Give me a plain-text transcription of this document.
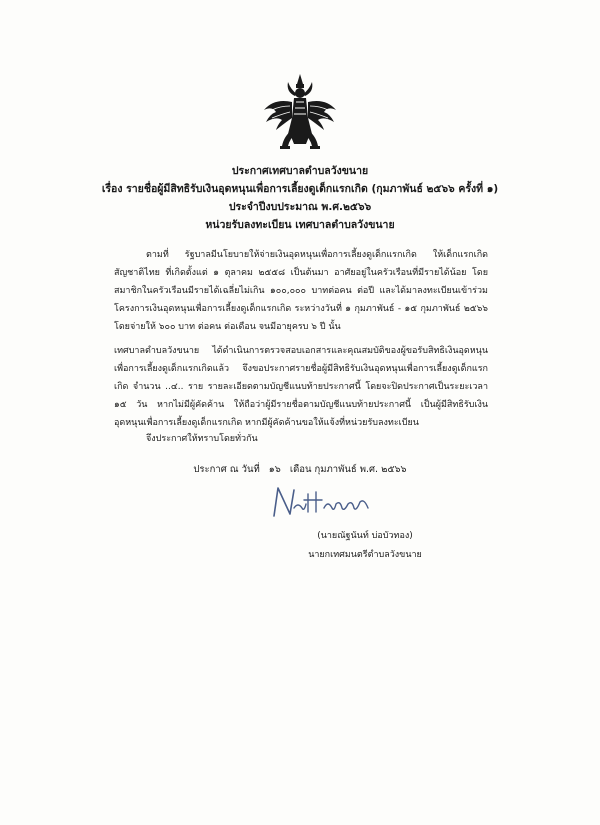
ประกาศเทศบาลตำบลวังขนาย
เรื่อง รายชื่อผู้มีสิทธิรับเงินอุดหนุนเพื่อการเลี้ยงดูเด็กแรกเกิด (กุมภาพันธ์ ๒๕๖๖ ครั้งที่ ๑)
ประจำปีงบประมาณ พ.ศ.๒๕๖๖
หน่วยรับลงทะเบียน เทศบาลตำบลวังขนาย
ตามที่ รัฐบาลมีนโยบายให้จ่ายเงินอุดหนุนเพื่อการเลี้ยงดูเด็กแรกเกิด ให้เด็กแรกเกิดสัญชาติไทย ที่เกิดตั้งแต่ ๑ ตุลาคม ๒๕๕๘ เป็นต้นมา อาศัยอยู่ในครัวเรือนที่มีรายได้น้อย โดยสมาชิกในครัวเรือนมีรายได้เฉลี่ยไม่เกิน ๑๐๐,๐๐๐ บาทต่อคน ต่อปี และได้มาลงทะเบียนเข้าร่วมโครงการเงินอุดหนุนเพื่อการเลี้ยงดูเด็กแรกเกิด ระหว่างวันที่ ๑ กุมภาพันธ์ - ๑๕ กุมภาพันธ์ ๒๕๖๖ โดยจ่ายให้ ๖๐๐ บาท ต่อคน ต่อเดือน จนมีอายุครบ ๖ ปี นั้น
เทศบาลตำบลวังขนาย ได้ดำเนินการตรวจสอบเอกสารและคุณสมบัติของผู้ขอรับสิทธิเงินอุดหนุนเพื่อการเลี้ยงดูเด็กแรกเกิดแล้ว จึงขอประกาศรายชื่อผู้มีสิทธิรับเงินอุดหนุนเพื่อการเลี้ยงดูเด็กแรกเกิด จำนวน ..๔.. ราย รายละเอียดตามบัญชีแนบท้ายประกาศนี้ โดยจะปิดประกาศเป็นระยะเวลา ๑๕ วัน หากไม่มีผู้คัดค้าน ให้ถือว่าผู้มีรายชื่อตามบัญชีแนบท้ายประกาศนี้ เป็นผู้มีสิทธิรับเงินอุดหนุนเพื่อการเลี้ยงดูเด็กแรกเกิด หากมีผู้คัดค้านขอให้แจ้งที่หน่วยรับลงทะเบียน
จึงประกาศให้ทราบโดยทั่วกัน
ประกาศ ณ วันที่ ๑๖ เดือน กุมภาพันธ์ พ.ศ. ๒๕๖๖
(นายณัฐนันท์ บ่อบัวทอง)
นายกเทศมนตรีตำบลวังขนาย
